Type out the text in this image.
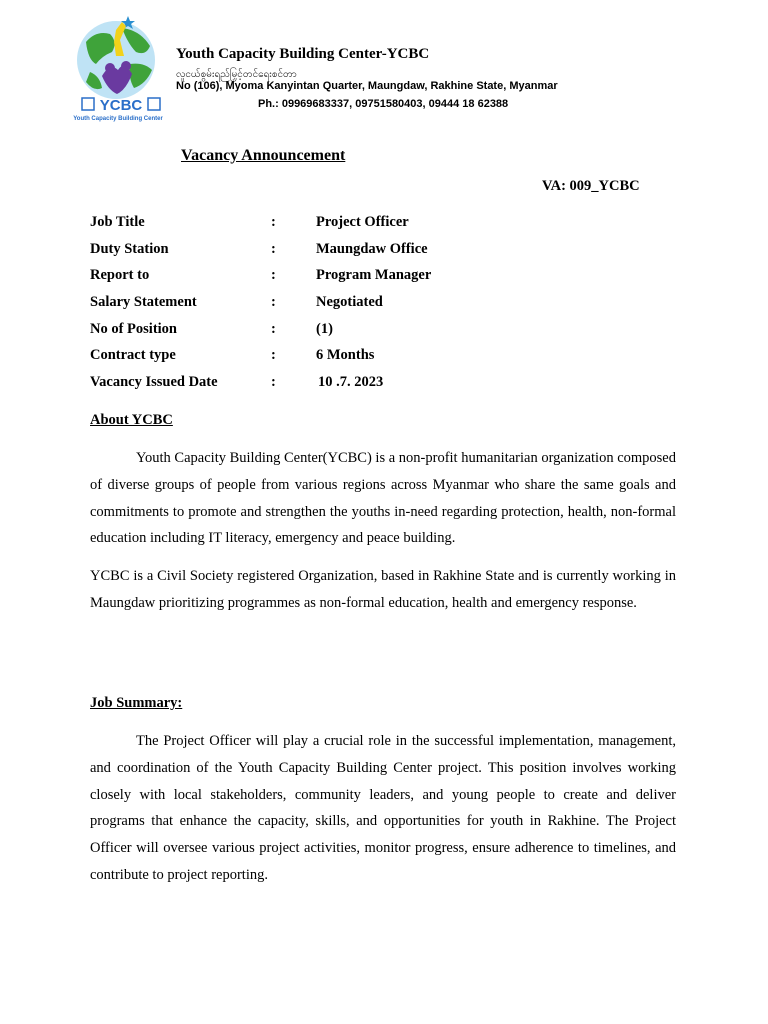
YCBC
Youth Capacity Building Center
Youth Capacity Building Center-YCBC
လူငယ်စွမ်းရည်မြှင့်တင်ရေးစင်တာ
No (106), Myoma Kanyintan Quarter, Maungdaw, Rakhine State, Myanmar
Ph.: 09969683337, 09751580403, 09444 18 62388
Vacancy Announcement
VA: 009_YCBC
Job Title	:	Project Officer
Duty Station	:	Maungdaw Office
Report to	:	Program Manager
Salary Statement	:	Negotiated
No of Position	:	(1)
Contract type	:	6 Months
Vacancy Issued Date	:	10 .7. 2023
About YCBC

Youth Capacity Building Center(YCBC) is a non-profit humanitarian organization composed of diverse groups of people from various regions across Myanmar who share the same goals and commitments to promote and strengthen the youths in-need regarding protection, health, non-formal education including IT literacy, emergency and peace building.

YCBC is a Civil Society registered Organization, based in Rakhine State and is currently working in Maungdaw prioritizing programmes as non-formal education, health and emergency response.

Job Summary:

The Project Officer will play a crucial role in the successful implementation, management, and coordination of the Youth Capacity Building Center project. This position involves working closely with local stakeholders, community leaders, and young people to create and deliver programs that enhance the capacity, skills, and opportunities for youth in Rakhine. The Project Officer will oversee various project activities, monitor progress, ensure adherence to timelines, and contribute to project reporting.
